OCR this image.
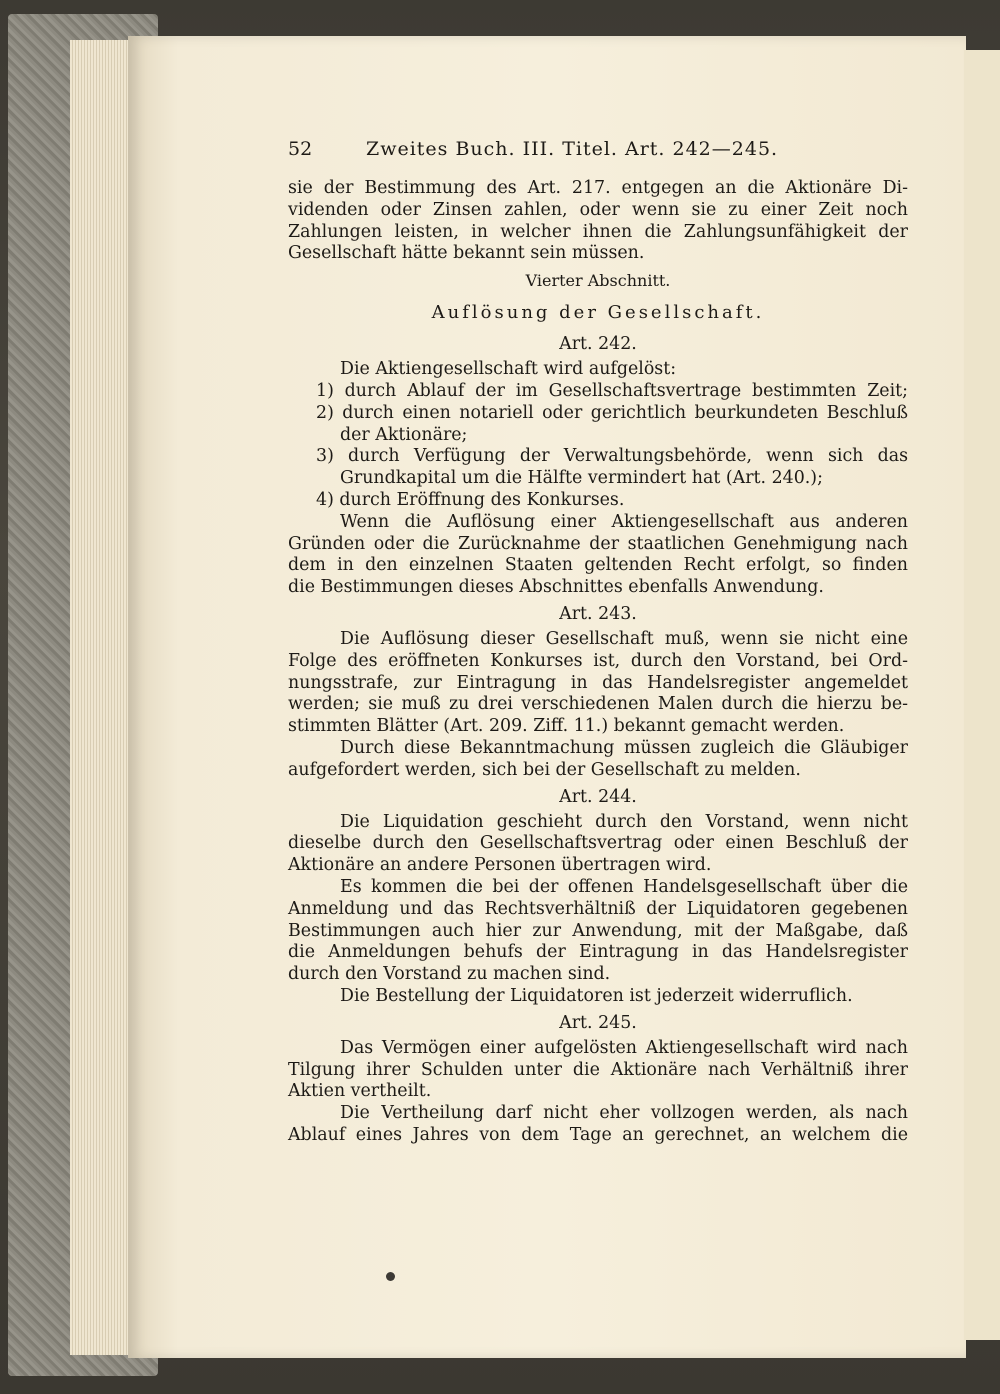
52	Zweites Buch. III. Titel. Art. 242—245.
sie der Bestimmung des Art. 217. entgegen an die Aktionäre Di-
videnden oder Zinsen zahlen, oder wenn sie zu einer Zeit noch
Zahlungen leisten, in welcher ihnen die Zahlungsunfähigkeit der
Gesellschaft hätte bekannt sein müssen.
Vierter Abschnitt.
Auflösung der Gesellschaft.
Art. 242.
Die Aktiengesellschaft wird aufgelöst:
1) durch Ablauf der im Gesellschaftsvertrage bestimmten Zeit;
2) durch einen notariell oder gerichtlich beurkundeten Beschluß
der Aktionäre;
3) durch Verfügung der Verwaltungsbehörde, wenn sich das
Grundkapital um die Hälfte vermindert hat (Art. 240.);
4) durch Eröffnung des Konkurses.
Wenn die Auflösung einer Aktiengesellschaft aus anderen
Gründen oder die Zurücknahme der staatlichen Genehmigung nach
dem in den einzelnen Staaten geltenden Recht erfolgt, so finden
die Bestimmungen dieses Abschnittes ebenfalls Anwendung.
Art. 243.
Die Auflösung dieser Gesellschaft muß, wenn sie nicht eine
Folge des eröffneten Konkurses ist, durch den Vorstand, bei Ord-
nungsstrafe, zur Eintragung in das Handelsregister angemeldet
werden; sie muß zu drei verschiedenen Malen durch die hierzu be-
stimmten Blätter (Art. 209. Ziff. 11.) bekannt gemacht werden.
Durch diese Bekanntmachung müssen zugleich die Gläubiger
aufgefordert werden, sich bei der Gesellschaft zu melden.
Art. 244.
Die Liquidation geschieht durch den Vorstand, wenn nicht
dieselbe durch den Gesellschaftsvertrag oder einen Beschluß der
Aktionäre an andere Personen übertragen wird.
Es kommen die bei der offenen Handelsgesellschaft über die
Anmeldung und das Rechtsverhältniß der Liquidatoren gegebenen
Bestimmungen auch hier zur Anwendung, mit der Maßgabe, daß
die Anmeldungen behufs der Eintragung in das Handelsregister
durch den Vorstand zu machen sind.
Die Bestellung der Liquidatoren ist jederzeit widerruflich.
Art. 245.
Das Vermögen einer aufgelösten Aktiengesellschaft wird nach
Tilgung ihrer Schulden unter die Aktionäre nach Verhältniß ihrer
Aktien vertheilt.
Die Vertheilung darf nicht eher vollzogen werden, als nach
Ablauf eines Jahres von dem Tage an gerechnet, an welchem die
